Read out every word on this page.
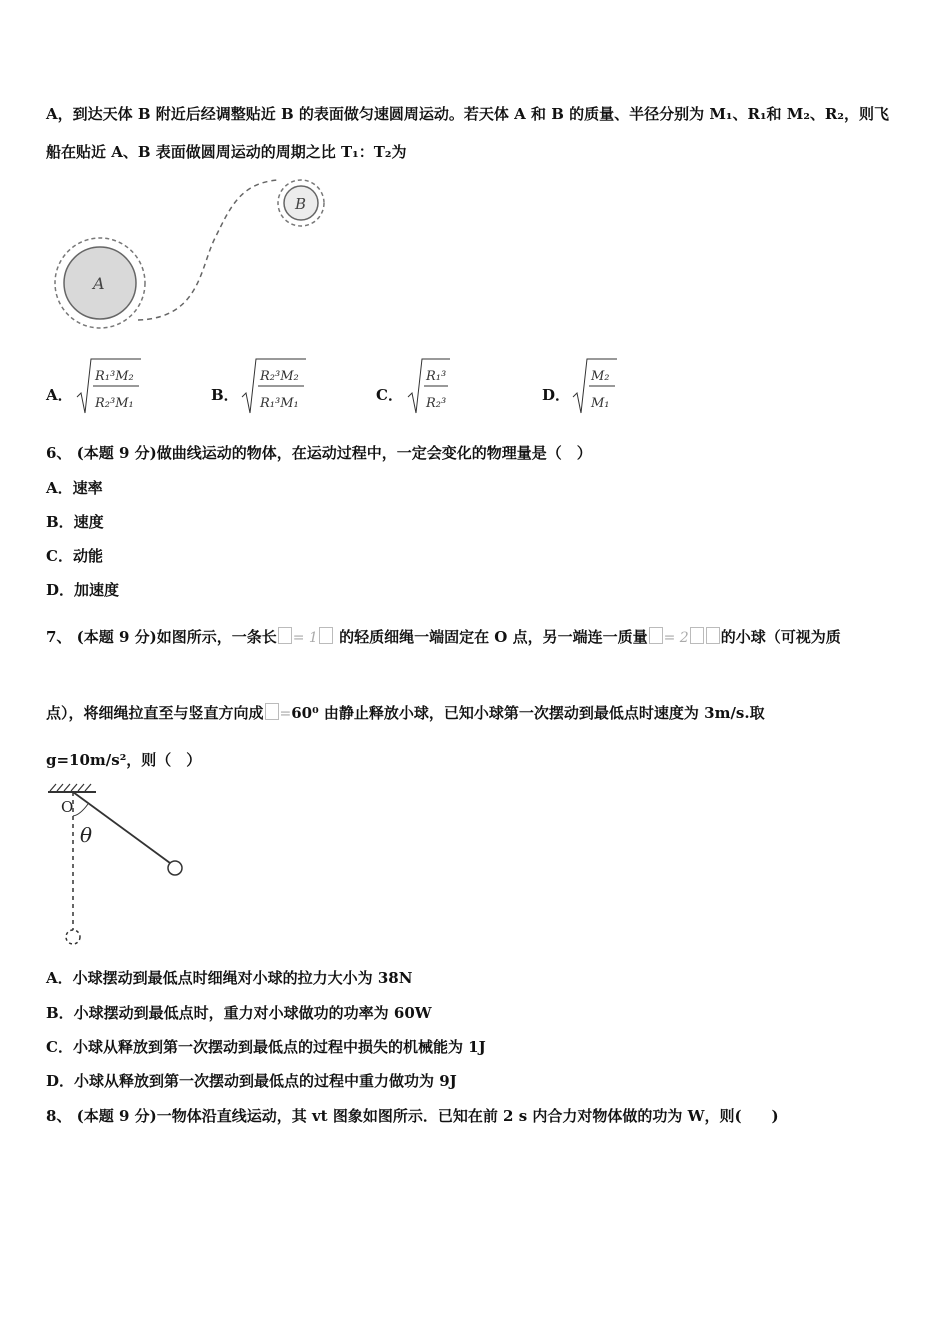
A，到达天体 B 附近后经调整贴近 B 的表面做匀速圆周运动。若天体 A 和 B 的质量、半径分别为 M₁、R₁和 M₂、R₂，则飞
船在贴近 A、B 表面做圆周运动的周期之比 T₁：T₂为
A
B
A．
R₁³M₂
R₂³M₁	B．
R₂³M₂
R₁³M₁	C．
R₁³
R₂³	D．
M₂
M₁
6、 (本题 9 分)做曲线运动的物体，在运动过程中，一定会变化的物理量是（　）
A．速率
B．速度
C．动能
D．加速度
7、 (本题 9 分)如图所示，一条长 = 1 的轻质细绳一端固定在 O 点，另一端连一质量 = 2 的小球（可视为质
点），将细绳拉直至与竖直方向成 =60⁰ 由静止释放小球，已知小球第一次摆动到最低点时速度为 3m/s.取
g=10m/s²，则（　）
O
θ
A．小球摆动到最低点时细绳对小球的拉力大小为 38N
B．小球摆动到最低点时，重力对小球做功的功率为 60W
C．小球从释放到第一次摆动到最低点的过程中损失的机械能为 1J
D．小球从释放到第一次摆动到最低点的过程中重力做功为 9J
8、 (本题 9 分)一物体沿直线运动，其 vt 图象如图所示．已知在前 2 s 内合力对物体做的功为 W，则(　　)
